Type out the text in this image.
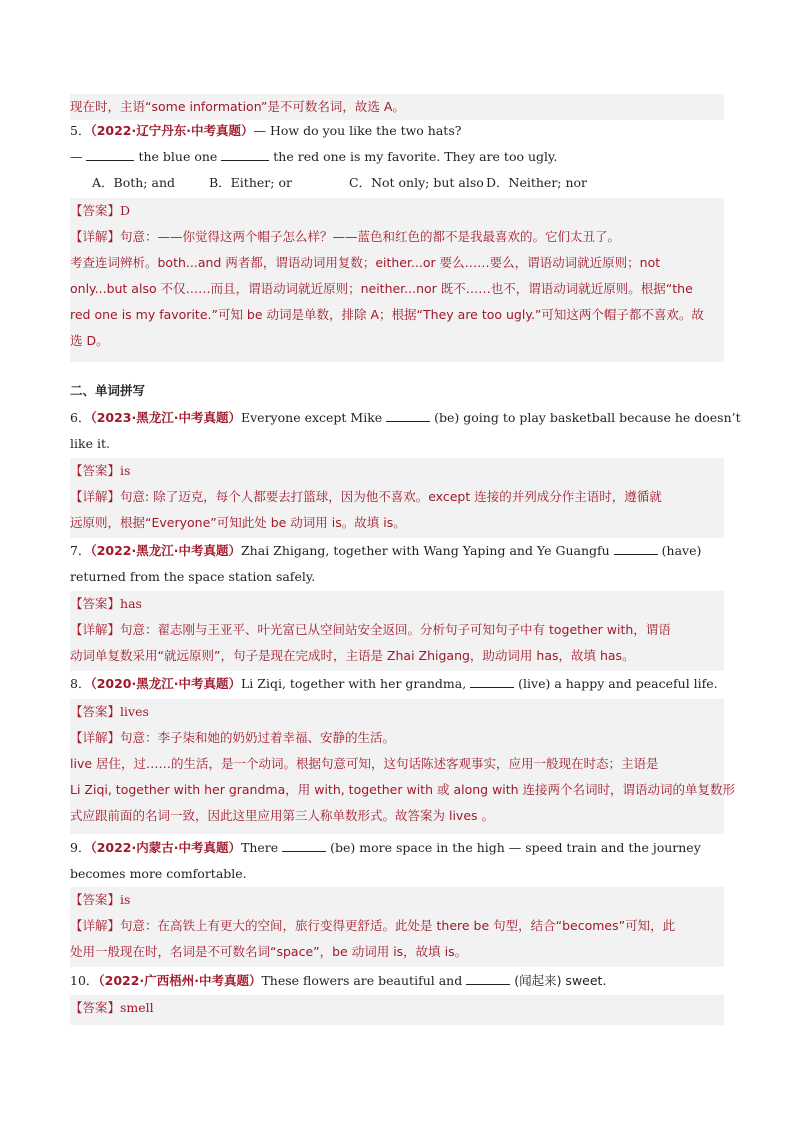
现在时，主语“some information”是不可数名词，故选 A。
5．（2022·辽宁丹东·中考真题）— How do you like the two hats?
—	the blue one	the red one is my favorite. They are too ugly.
A．Both; and	B．Either; or	C．Not only; but also D．Neither; nor
【答案】D
【详解】句意：——你觉得这两个帽子怎么样？——蓝色和红色的都不是我最喜欢的。它们太丑了。
考查连词辨析。both...and 两者都，谓语动词用复数；either...or 要么……要么，谓语动词就近原则；not
only...but also 不仅……而且，谓语动词就近原则；neither...nor 既不……也不，谓语动词就近原则。根据“the
red one is my favorite.”可知 be 动词是单数，排除 A；根据“They are too ugly.”可知这两个帽子都不喜欢。故
选 D。
二、单词拼写
6．（2023·黑龙江·中考真题）Everyone except Mike	(be) going to play basketball because he doesn’t
like it.
【答案】is
【详解】句意: 除了迈克，每个人都要去打篮球，因为他不喜欢。except 连接的并列成分作主语时，遵循就
远原则，根据“Everyone”可知此处 be 动词用 is。故填 is。
7．（2022·黑龙江·中考真题）Zhai Zhigang, together with Wang Yaping and Ye Guangfu	(have)
returned from the space station safely.
【答案】has
【详解】句意：翟志刚与王亚平、叶光富已从空间站安全返回。分析句子可知句子中有 together with，谓语
动词单复数采用“就远原则”，句子是现在完成时，主语是 Zhai Zhigang，助动词用 has，故填 has。
8．（2020·黑龙江·中考真题）Li Ziqi, together with her grandma,	(live) a happy and peaceful life.
【答案】lives
【详解】句意：李子柒和她的奶奶过着幸福、安静的生活。
live 居住，过……的生活，是一个动词。根据句意可知，这句话陈述客观事实，应用一般现在时态；主语是
Li Ziqi, together with her grandma，用 with, together with 或 along with 连接两个名词时，谓语动词的单复数形
式应跟前面的名词一致，因此这里应用第三人称单数形式。故答案为 lives 。
9．（2022·内蒙古·中考真题）There	(be) more space in the high — speed train and the journey
becomes more comfortable.
【答案】is
【详解】句意：在高铁上有更大的空间，旅行变得更舒适。此处是 there be 句型，结合“becomes”可知，此
处用一般现在时，名词是不可数名词“space”，be 动词用 is，故填 is。
10．（2022·广西梧州·中考真题）These flowers are beautiful and	(闻起来) sweet.
【答案】smell
